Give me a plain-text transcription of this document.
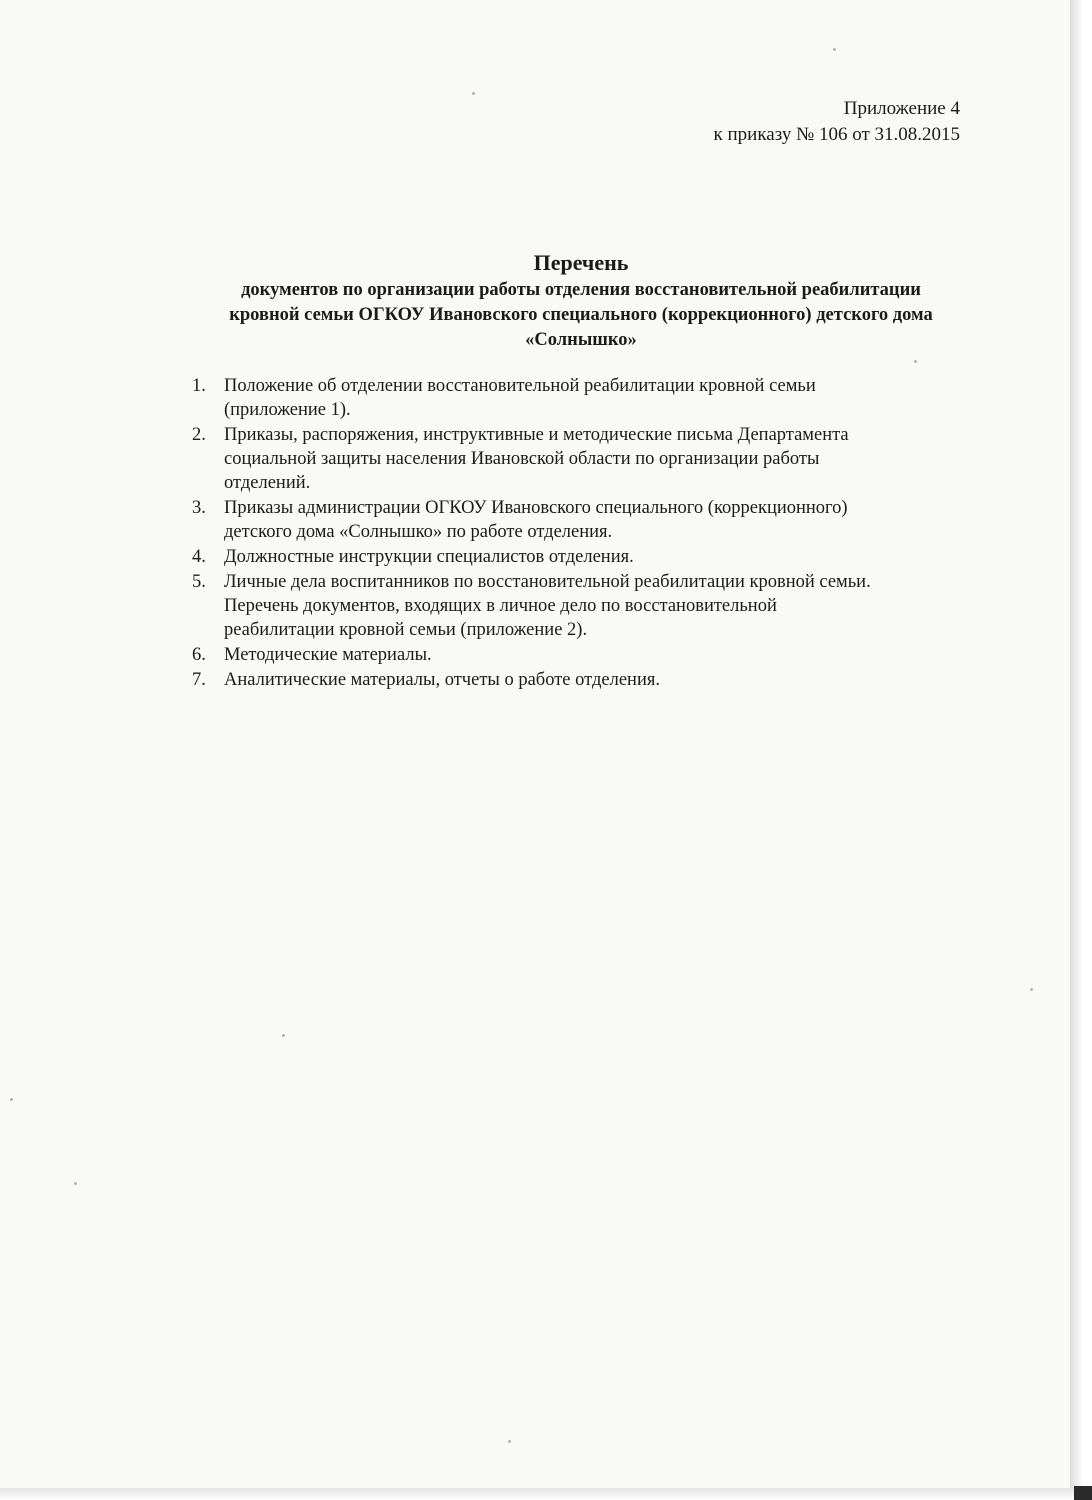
Приложение 4
к приказу № 106 от 31.08.2015
Перечень
документов по организации работы отделения восстановительной реабилитации
кровной семьи ОГКОУ Ивановского специального (коррекционного) детского дома
«Солнышко»
1. Положение об отделении восстановительной реабилитации кровной семьи
(приложение 1).
2. Приказы, распоряжения, инструктивные и методические письма Департамента
социальной защиты населения Ивановской области по организации работы
отделений.
3. Приказы администрации ОГКОУ Ивановского специального (коррекционного)
детского дома «Солнышко» по работе отделения.
4. Должностные инструкции специалистов отделения.
5. Личные дела воспитанников по восстановительной реабилитации кровной семьи.
Перечень документов, входящих в личное дело по восстановительной
реабилитации кровной семьи (приложение 2).
6. Методические материалы.
7. Аналитические материалы, отчеты о работе отделения.
